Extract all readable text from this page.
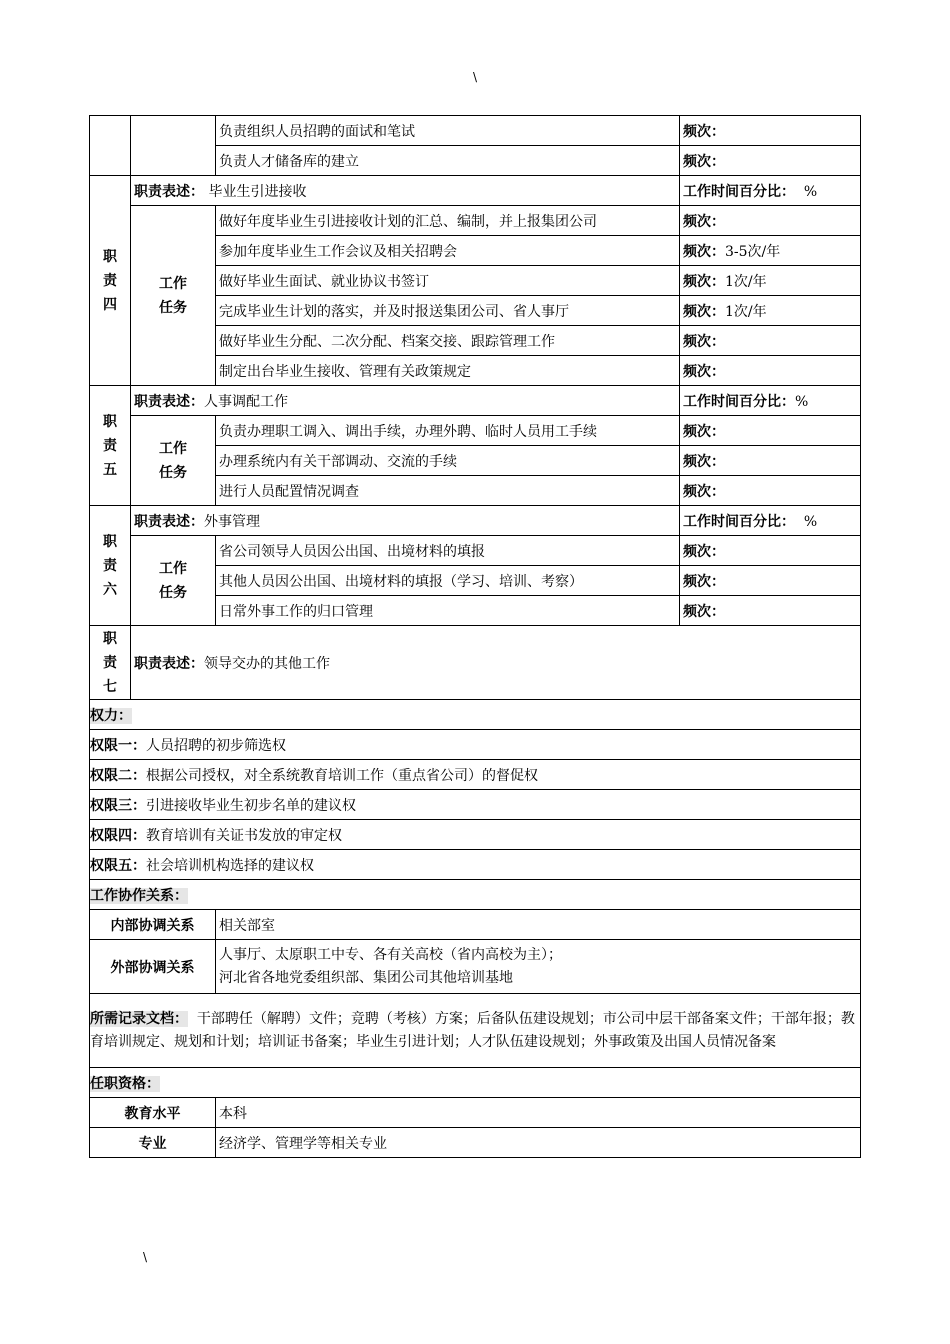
\
\
		负责组织人员招聘的面试和笔试	频次：
		负责人才储备库的建立	频次：

职
责
四	职责表述： 毕业生引进接收		工作时间百分比： %

	工作
任务	做好年度毕业生引进接收计划的汇总、编制，并上报集团公司	频次：
		参加年度毕业生工作会议及相关招聘会	频次：3-5次/年
		做好毕业生面试、就业协议书签订	频次：1次/年
		完成毕业生计划的落实，并及时报送集团公司、省人事厅	频次：1次/年
		做好毕业生分配、二次分配、档案交接、跟踪管理工作	频次：
		制定出台毕业生接收、管理有关政策规定	频次：

职
责
五	职责表述：人事调配工作		工作时间百分比：%

	工作
任务	负责办理职工调入、调出手续，办理外聘、临时人员用工手续	频次：
		办理系统内有关干部调动、交流的手续	频次：
		进行人员配置情况调查	频次：

职
责
六	职责表述：外事管理		工作时间百分比： %

	工作
任务	省公司领导人员因公出国、出境材料的填报	频次：
		其他人员因公出国、出境材料的填报（学习、培训、考察）	频次：
		日常外事工作的归口管理	频次：

职
责
七	职责表述：领导交办的其他工作		
权力：			
权限一：人员招聘的初步筛选权			
权限二：根据公司授权，对全系统教育培训工作（重点省公司）的督促权			
权限三：引进接收毕业生初步名单的建议权			
权限四：教育培训有关证书发放的审定权			
权限五：社会培训机构选择的建议权			
工作协作关系：			
内部协调关系		相关部室	
外部协调关系		人事厅、太原职工中专、各有关高校（省内高校为主）；
河北省各地党委组织部、集团公司其他培训基地	

所需记录文档： 干部聘任（解聘）文件；竞聘（考核）方案；后备队伍建设规划；市公司中层干部备案文件；干部年报；教育培训规定、规划和计划；培训证书备案；毕业生引进计划；人才队伍建设规划；外事政策及出国人员情况备案			
任职资格：			
教育水平		本科	
专业		经济学、管理学等相关专业	
